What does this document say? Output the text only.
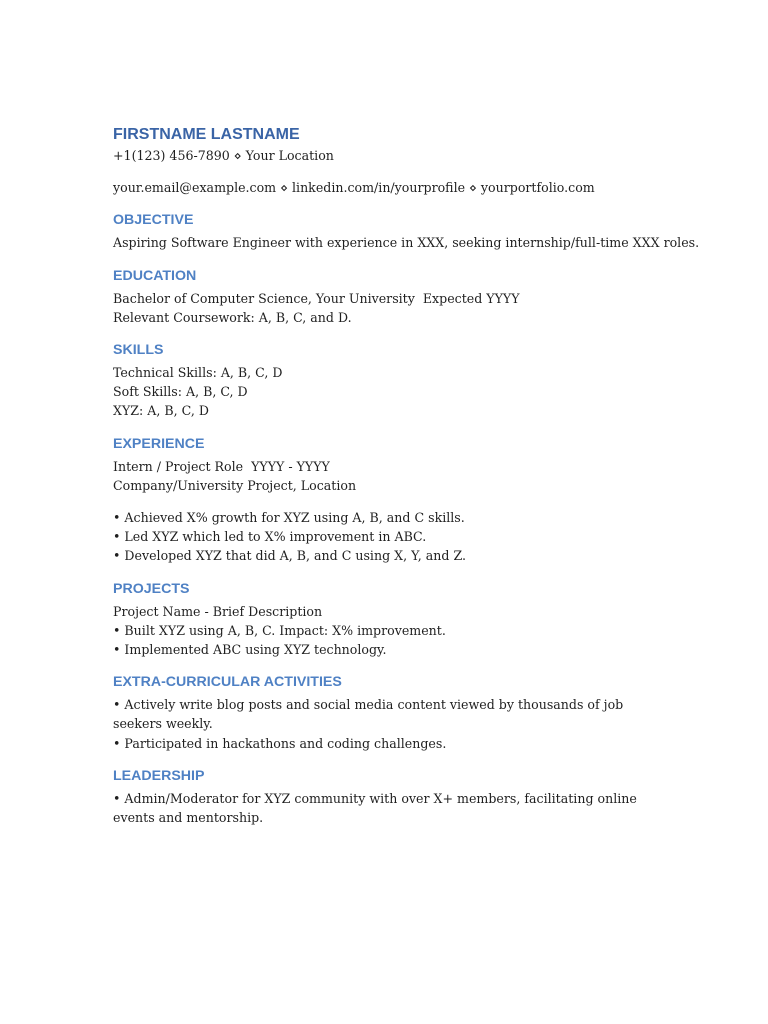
FIRSTNAME LASTNAME

+1(123) 456-7890 ⋄ Your Location

your.email@example.com ⋄ linkedin.com/in/yourprofile ⋄ yourportfolio.com

OBJECTIVE

Aspiring Software Engineer with experience in XXX, seeking internship/full-time XXX roles.

EDUCATION

Bachelor of Computer Science, Your University  Expected YYYY

Relevant Coursework: A, B, C, and D.

SKILLS

Technical Skills: A, B, C, D

Soft Skills: A, B, C, D

XYZ: A, B, C, D

EXPERIENCE

Intern / Project Role  YYYY - YYYY

Company/University Project, Location

• Achieved X% growth for XYZ using A, B, and C skills.

• Led XYZ which led to X% improvement in ABC.

• Developed XYZ that did A, B, and C using X, Y, and Z.

PROJECTS

Project Name - Brief Description

• Built XYZ using A, B, C. Impact: X% improvement.

• Implemented ABC using XYZ technology.

EXTRA-CURRICULAR ACTIVITIES

• Actively write blog posts and social media content viewed by thousands of job seekers weekly.

• Participated in hackathons and coding challenges.

LEADERSHIP

• Admin/Moderator for XYZ community with over X+ members, facilitating online events and mentorship.
